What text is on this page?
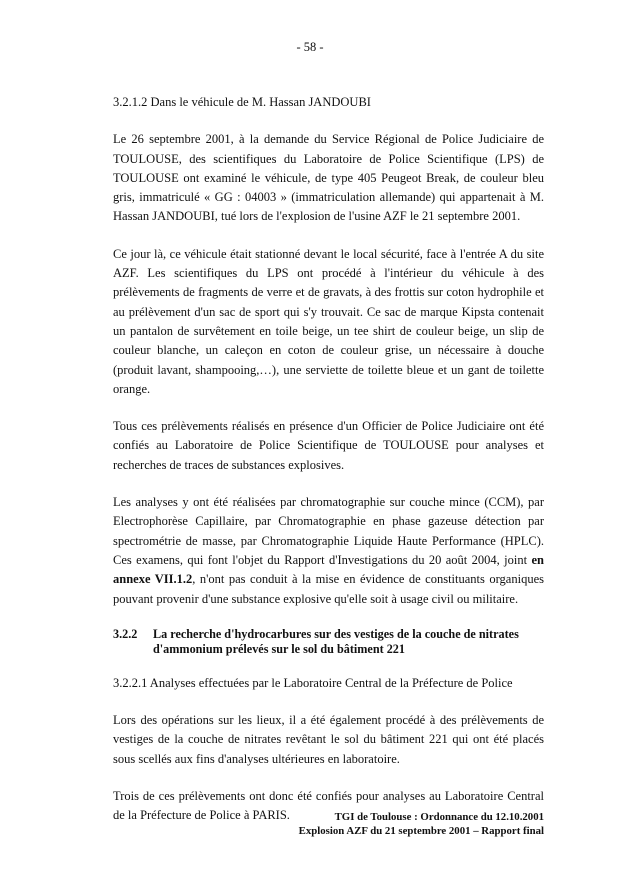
- 58 -
3.2.1.2 Dans le véhicule de M. Hassan JANDOUBI

Le 26 septembre 2001, à la demande du Service Régional de Police Judiciaire de TOULOUSE, des scientifiques du Laboratoire de Police Scientifique (LPS) de TOULOUSE ont examiné le véhicule, de type 405 Peugeot Break, de couleur bleu gris, immatriculé « GG : 04003 » (immatriculation allemande) qui appartenait à M. Hassan JANDOUBI, tué lors de l'explosion de l'usine AZF le 21 septembre 2001.

Ce jour là, ce véhicule était stationné devant le local sécurité, face à l'entrée A du site AZF. Les scientifiques du LPS ont procédé à l'intérieur du véhicule à des prélèvements de fragments de verre et de gravats, à des frottis sur coton hydrophile et au prélèvement d'un sac de sport qui s'y trouvait. Ce sac de marque Kipsta contenait un pantalon de survêtement en toile beige, un tee shirt de couleur beige, un slip de couleur blanche, un caleçon en coton de couleur grise, un nécessaire à douche (produit lavant, shampooing,…), une serviette de toilette bleue et un gant de toilette orange.

Tous ces prélèvements réalisés en présence d'un Officier de Police Judiciaire ont été confiés au Laboratoire de Police Scientifique de TOULOUSE pour analyses et recherches de traces de substances explosives.

Les analyses y ont été réalisées par chromatographie sur couche mince (CCM), par Electrophorèse Capillaire, par Chromatographie en phase gazeuse détection par spectrométrie de masse, par Chromatographie Liquide Haute Performance (HPLC). Ces examens, qui font l'objet du Rapport d'Investigations du 20 août 2004, joint en annexe VII.1.2, n'ont pas conduit à la mise en évidence de constituants organiques pouvant provenir d'une substance explosive qu'elle soit à usage civil ou militaire.

3.2.2	La recherche d'hydrocarbures sur des vestiges de la couche de nitrates d'ammonium prélevés sur le sol du bâtiment 221
3.2.2.1 Analyses effectuées par le Laboratoire Central de la Préfecture de Police

Lors des opérations sur les lieux, il a été également procédé à des prélèvements de vestiges de la couche de nitrates revêtant le sol du bâtiment 221 qui ont été placés sous scellés aux fins d'analyses ultérieures en laboratoire.

Trois de ces prélèvements ont donc été confiés pour analyses au Laboratoire Central de la Préfecture de Police à PARIS.	TGI de Toulouse : Ordonnance du 12.10.2001
Explosion AZF du 21 septembre 2001 – Rapport final
